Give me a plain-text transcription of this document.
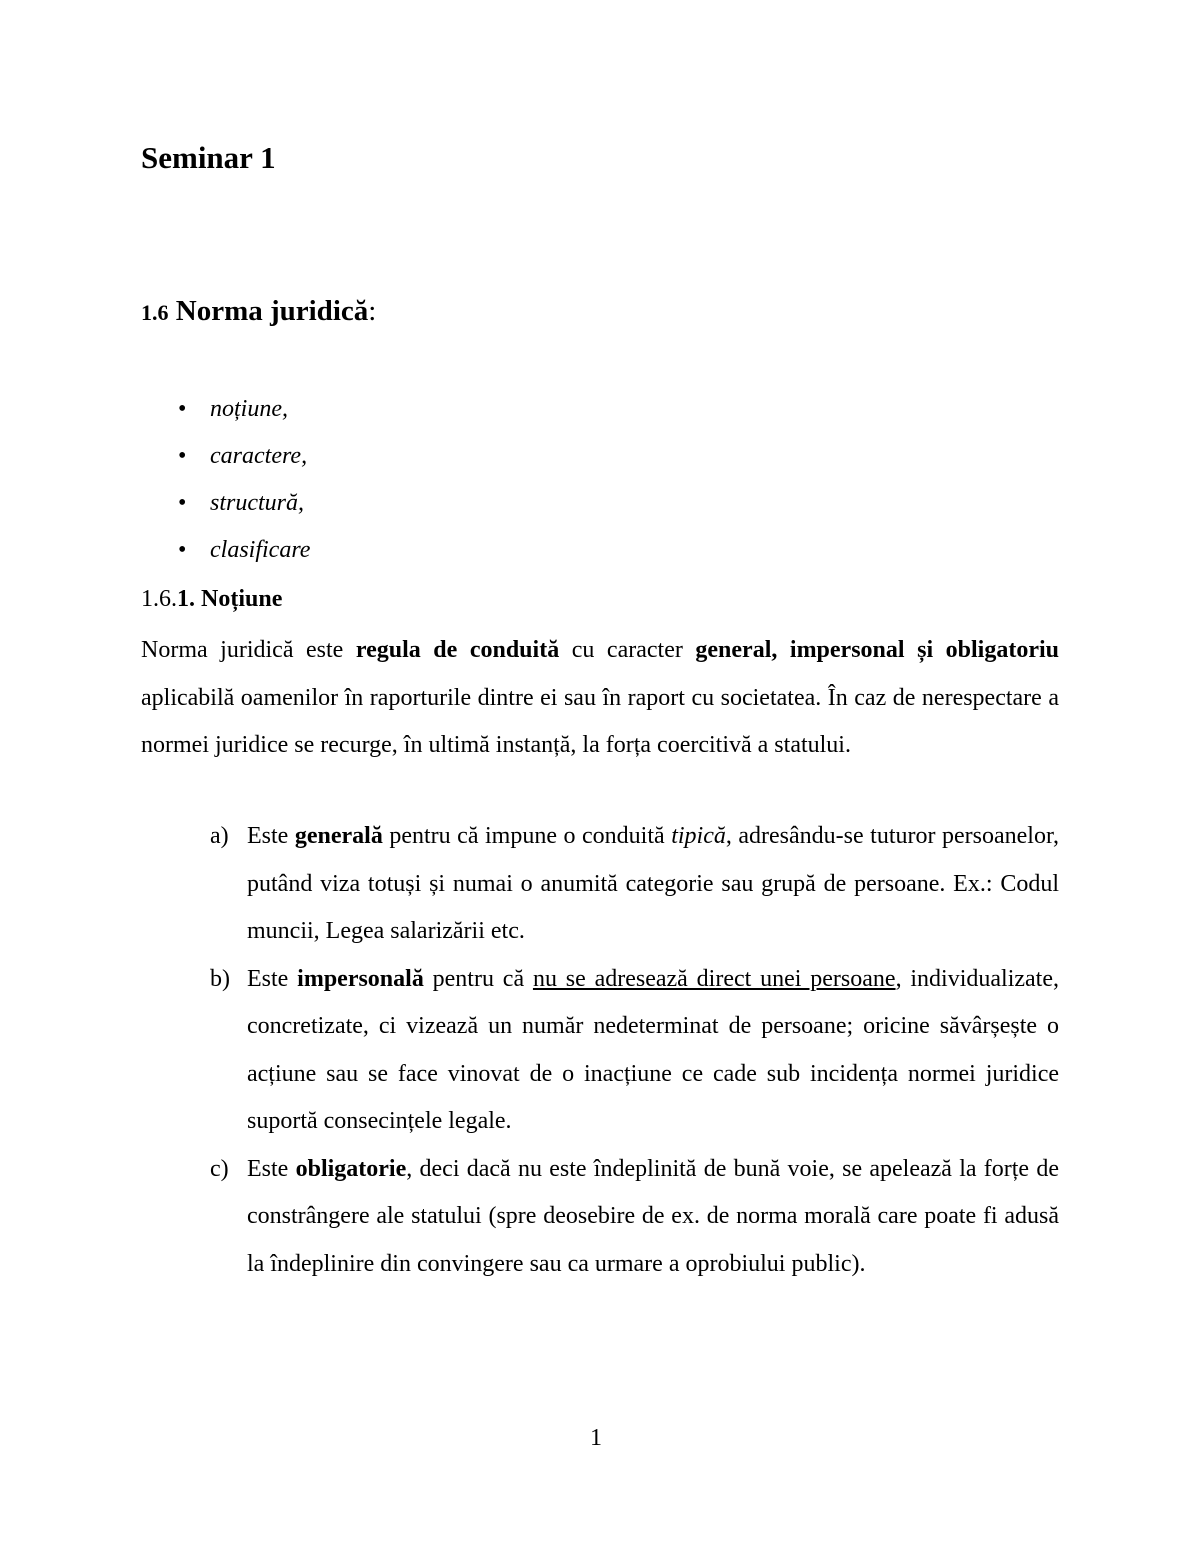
Seminar 1
1.6 Norma juridică:
• noțiune,
• caractere,
• structură,
• clasificare
1.6.1. Noțiune

Norma juridică este regula de conduită cu caracter general, impersonal și obligatoriu aplicabilă oamenilor în raporturile dintre ei sau în raport cu societatea. În caz de nerespectare a normei juridice se recurge, în ultimă instanță, la forța coercitivă a statului.

a) Este generală pentru că impune o conduită tipică, adresându-se tuturor persoanelor, putând viza totuși și numai o anumită categorie sau grupă de persoane. Ex.: Codul muncii, Legea salarizării etc.
b) Este impersonală pentru că nu se adresează direct unei persoane, individualizate, concretizate, ci vizează un număr nedeterminat de persoane; oricine săvârșește o acțiune sau se face vinovat de o inacțiune ce cade sub incidența normei juridice suportă consecințele legale.
c) Este obligatorie, deci dacă nu este îndeplinită de bună voie, se apelează la forțe de constrângere ale statului (spre deosebire de ex. de norma morală care poate fi adusă la îndeplinire din convingere sau ca urmare a oprobiului public).
1
